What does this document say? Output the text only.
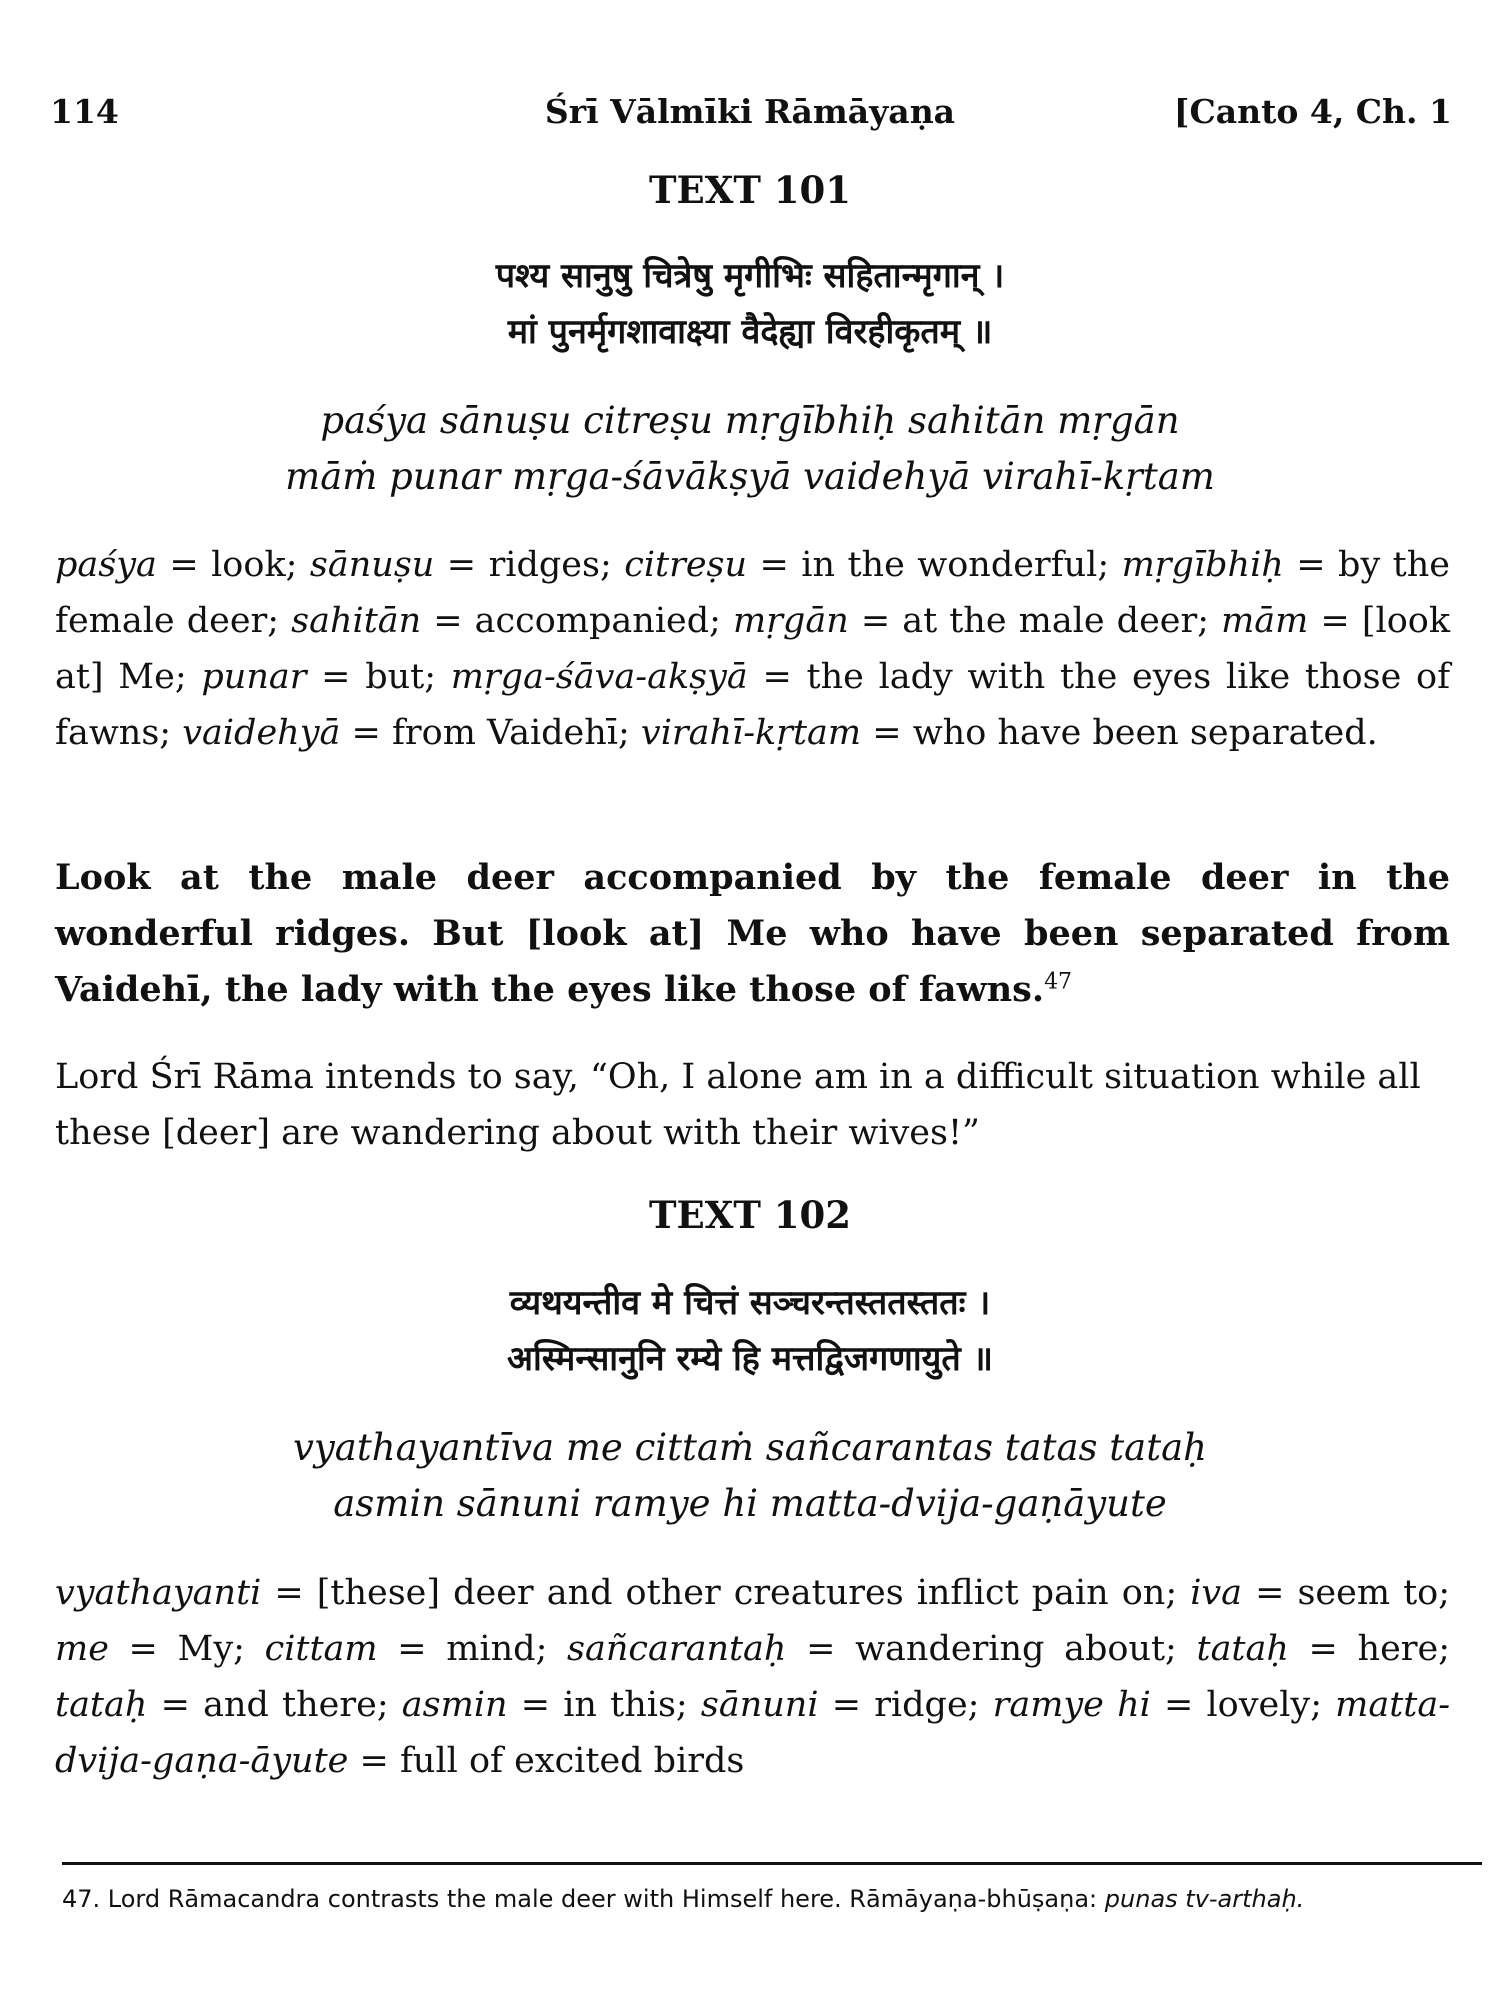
114	Śrī Vālmīki Rāmāyaṇa	[Canto 4, Ch. 1
TEXT 101
पश्य सानुषु चित्रेषु मृगीभिः सहितान्मृगान् ।
मां पुनर्मृगशावाक्ष्या वैदेह्या विरहीकृतम् ॥
paśya sānuṣu citreṣu mṛgībhiḥ sahitān mṛgān
māṁ punar mṛga-śāvākṣyā vaidehyā virahī-kṛtam

paśya = look; sānuṣu = ridges; citreṣu = in the wonderful; mṛgībhiḥ = by the female deer; sahitān = accompanied; mṛgān = at the male deer; mām = [look at] Me; punar = but; mṛga-śāva-akṣyā = the lady with the eyes like those of fawns; vaidehyā = from Vaidehī; virahī-kṛtam = who have been separated.

Look at the male deer accompanied by the female deer in the wonderful ridges. But [look at] Me who have been separated from Vaidehī, the lady with the eyes like those of fawns.$^{47}$

Lord Śrī Rāma intends to say, “Oh, I alone am in a difficult situation while all these [deer] are wandering about with their wives!”

TEXT 102
व्यथयन्तीव मे चित्तं सञ्चरन्तस्ततस्ततः ।
अस्मिन्सानुनि रम्ये हि मत्तद्विजगणायुते ॥
vyathayantīva me cittaṁ sañcarantas tatas tataḥ
asmin sānuni ramye hi matta-dvija-gaṇāyute

vyathayanti = [these] deer and other creatures inflict pain on; iva = seem to; me = My; cittam = mind; sañcarantaḥ = wandering about; tataḥ = here; tataḥ = and there; asmin = in this; sānuni = ridge; ramye hi = lovely; matta-dvija-gaṇa-āyute = full of excited birds

47. Lord Rāmacandra contrasts the male deer with Himself here. Rāmāyaṇa-bhūṣaṇa: punas tv-arthaḥ.
